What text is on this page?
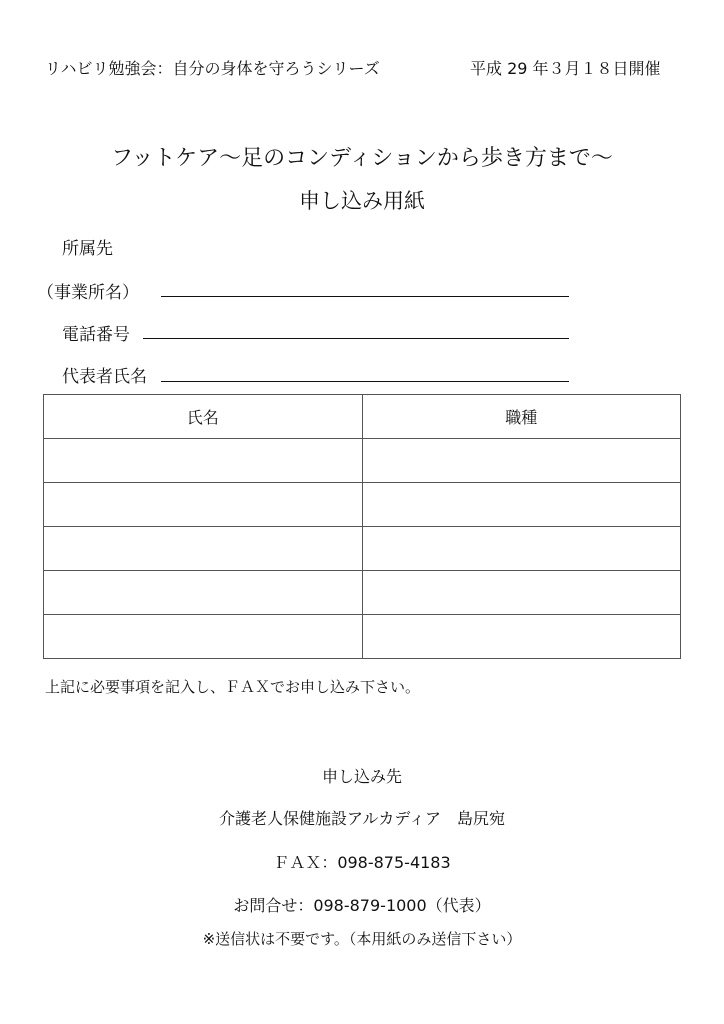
リハビリ勉強会：自分の身体を守ろうシリーズ	平成 29 年３月１８日開催
フットケア～足のコンディションから歩き方まで～
申し込み用紙
所属先
（事業所名）
電話番号
代表者氏名
氏名	職種

上記に必要事項を記入し、ＦＡＸでお申し込み下さい。
申し込み先
介護老人保健施設アルカディア　島尻宛
ＦＡＸ：098-875-4183
お問合せ：098-879-1000（代表）
※送信状は不要です。（本用紙のみ送信下さい）
